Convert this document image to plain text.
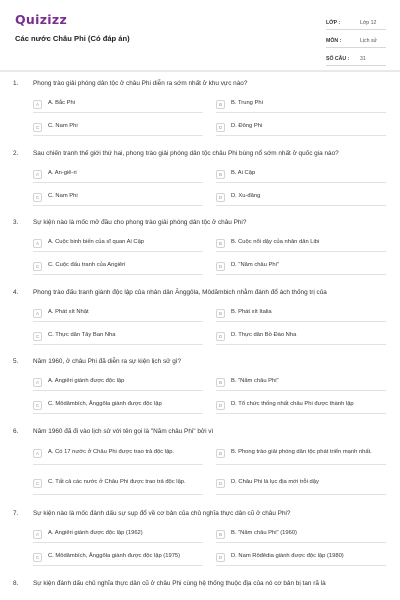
Quizizz
Các nước Châu Phi (Có đáp án)
LỚP :	Lớp 12
MÔN :	Lịch sử
SỐ CÂU :	31
1. Phong trào giải phóng dân tộc ở châu Phi diễn ra sớm nhất ở khu vực nào?
A	A. Bắc Phi	B	B. Trung Phi
C	C. Nam Phi	D	D. Đông Phi
2. Sau chiến tranh thế giới thứ hai, phong trào giải phóng dân tộc châu Phi bùng nổ sớm nhất ở quốc gia nào?
A	A. An-giê-ri	B	B. Ai Cập
C	C. Nam Phi	D	D. Xu-đăng
3. Sự kiện nào là mốc mở đầu cho phong trào giải phóng dân tộc ở châu Phi?
A	A. Cuộc binh biến của sĩ quan Ai Cập	B	B. Cuộc nổi dậy của nhân dân Libi
C	C. Cuộc đấu tranh của Angiêri	D	D. "Năm châu Phi"
4. Phong trào đấu tranh giành độc lập của nhân dân Ănggôla, Môdămbich nhằm đánh đổ ách thống trị của
A	A. Phát xít Nhật	B	B. Phát xít Italia
C	C. Thực dân Tây Ban Nha	D	D. Thực dân Bồ Đào Nha
5. Năm 1960, ở châu Phi đã diễn ra sự kiện lịch sử gì?
A	A. Angiêri giành được độc lập	B	B. "Năm châu Phi"
C	C. Môdămbích, Ănggôla giành được độc lập	D	D. Tổ chức thống nhất châu Phi được thành lập
6. Năm 1960 đã đi vào lịch sử với tên gọi là "Năm châu Phi" bởi vì
A	A. Có 17 nước ở Châu Phi được trao trả độc lập.	B	B. Phong trào giải phóng dân tộc phát triển mạnh nhất.
C	C. Tất cả các nước ở Châu Phi được trao trả độc lập.	D	D. Châu Phi là lục địa mới trỗi dậy
7. Sự kiện nào là mốc đánh dấu sự sụp đổ về cơ bản của chủ nghĩa thực dân cũ ở châu Phi?
A	A. Angiêri giành được độc lập (1962)	B	B. "Năm châu Phi" (1960)
C	C. Môdămbích, Ănggôla giành được độc lập (1975)	D	D. Nam Rôđêdia giành được độc lập (1980)
8. Sự kiện đánh dấu chủ nghĩa thực dân cũ ở châu Phi cùng hệ thống thuộc địa của nó cơ bản bị tan rã là
